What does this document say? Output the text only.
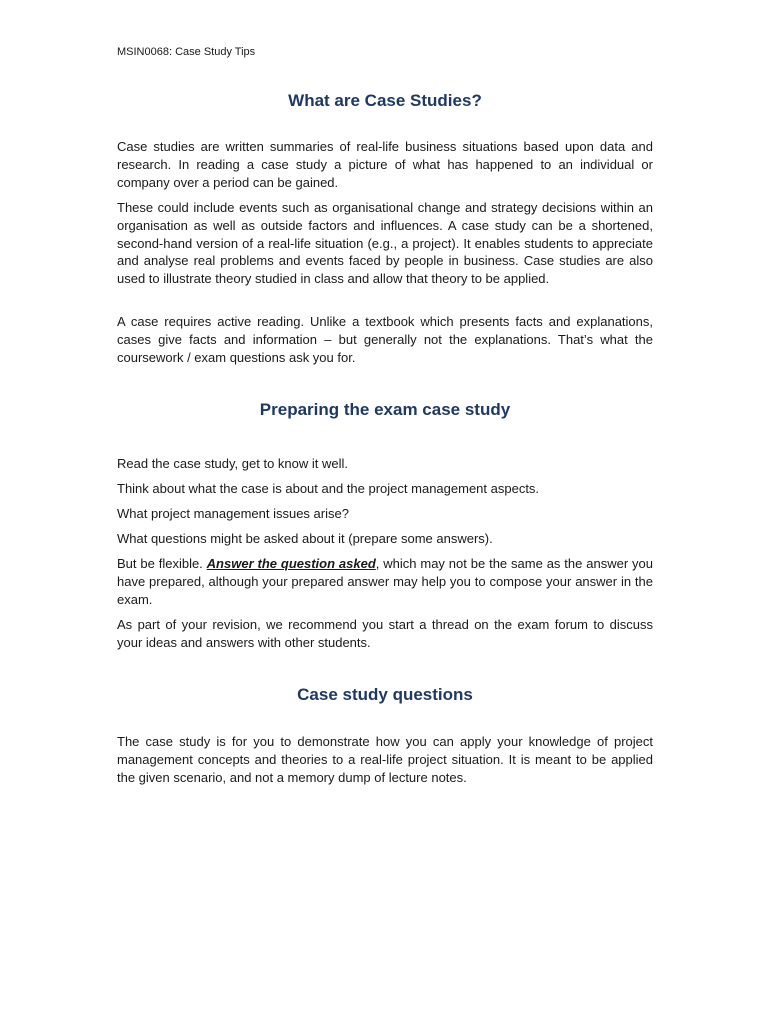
MSIN0068: Case Study Tips
What are Case Studies?

Case studies are written summaries of real-life business situations based upon data and research. In reading a case study a picture of what has happened to an individual or company over a period can be gained.

These could include events such as organisational change and strategy decisions within an organisation as well as outside factors and influences. A case study can be a shortened, second-hand version of a real-life situation (e.g., a project). It enables students to appreciate and analyse real problems and events faced by people in business. Case studies are also used to illustrate theory studied in class and allow that theory to be applied.

A case requires active reading. Unlike a textbook which presents facts and explanations, cases give facts and information – but generally not the explanations. That’s what the coursework / exam questions ask you for.

Preparing the exam case study

Read the case study, get to know it well.

Think about what the case is about and the project management aspects.

What project management issues arise?

What questions might be asked about it (prepare some answers).

But be flexible. Answer the question asked, which may not be the same as the answer you have prepared, although your prepared answer may help you to compose your answer in the exam.

As part of your revision, we recommend you start a thread on the exam forum to discuss your ideas and answers with other students.

Case study questions

The case study is for you to demonstrate how you can apply your knowledge of project management concepts and theories to a real-life project situation. It is meant to be applied the given scenario, and not a memory dump of lecture notes.
